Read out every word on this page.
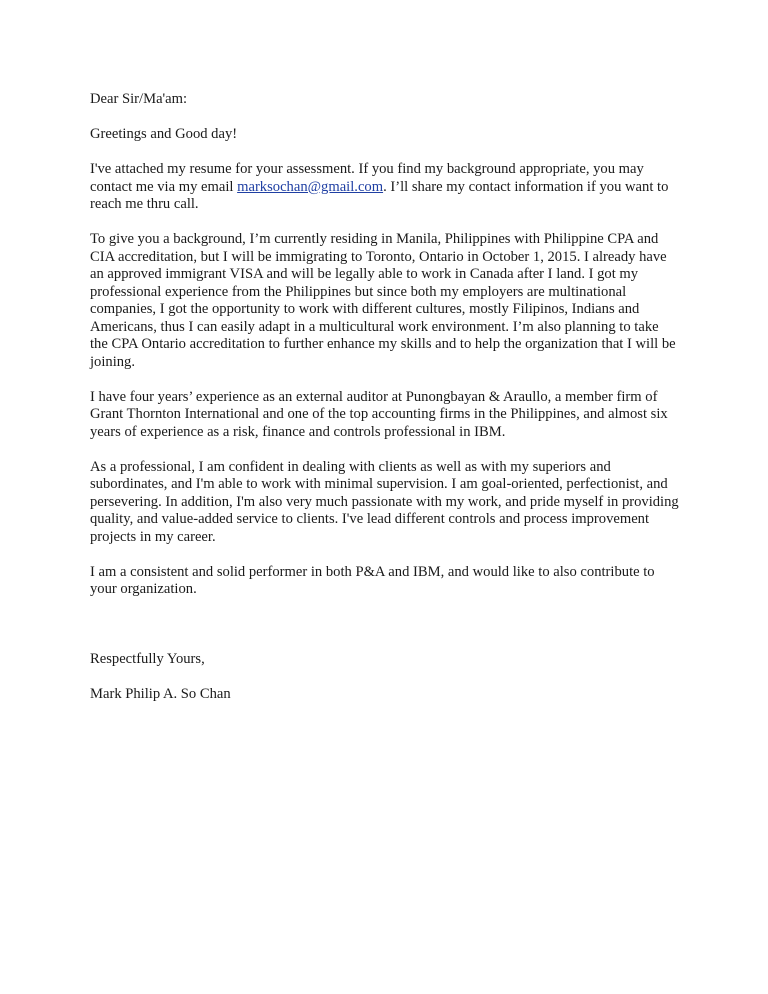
Dear Sir/Ma'am:

Greetings and Good day!

I've attached my resume for your assessment. If you find my background appropriate, you may contact me via my email marksochan@gmail.com. I’ll share my contact information if you want to reach me thru call.

To give you a background, I’m currently residing in Manila, Philippines with Philippine CPA and CIA accreditation, but I will be immigrating to Toronto, Ontario in October 1, 2015. I already have an approved immigrant VISA and will be legally able to work in Canada after I land. I got my professional experience from the Philippines but since both my employers are multinational companies, I got the opportunity to work with different cultures, mostly Filipinos, Indians and Americans, thus I can easily adapt in a multicultural work environment. I’m also planning to take the CPA Ontario accreditation to further enhance my skills and to help the organization that I will be joining.

I have four years’ experience as an external auditor at Punongbayan & Araullo, a member firm of Grant Thornton International and one of the top accounting firms in the Philippines, and almost six years of experience as a risk, finance and controls professional in IBM.

As a professional, I am confident in dealing with clients as well as with my superiors and subordinates, and I'm able to work with minimal supervision. I am goal-oriented, perfectionist, and persevering. In addition, I'm also very much passionate with my work, and pride myself in providing quality, and value-added service to clients. I've lead different controls and process improvement projects in my career.

I am a consistent and solid performer in both P&A and IBM, and would like to also contribute to your organization.

Respectfully Yours,

Mark Philip A. So Chan
